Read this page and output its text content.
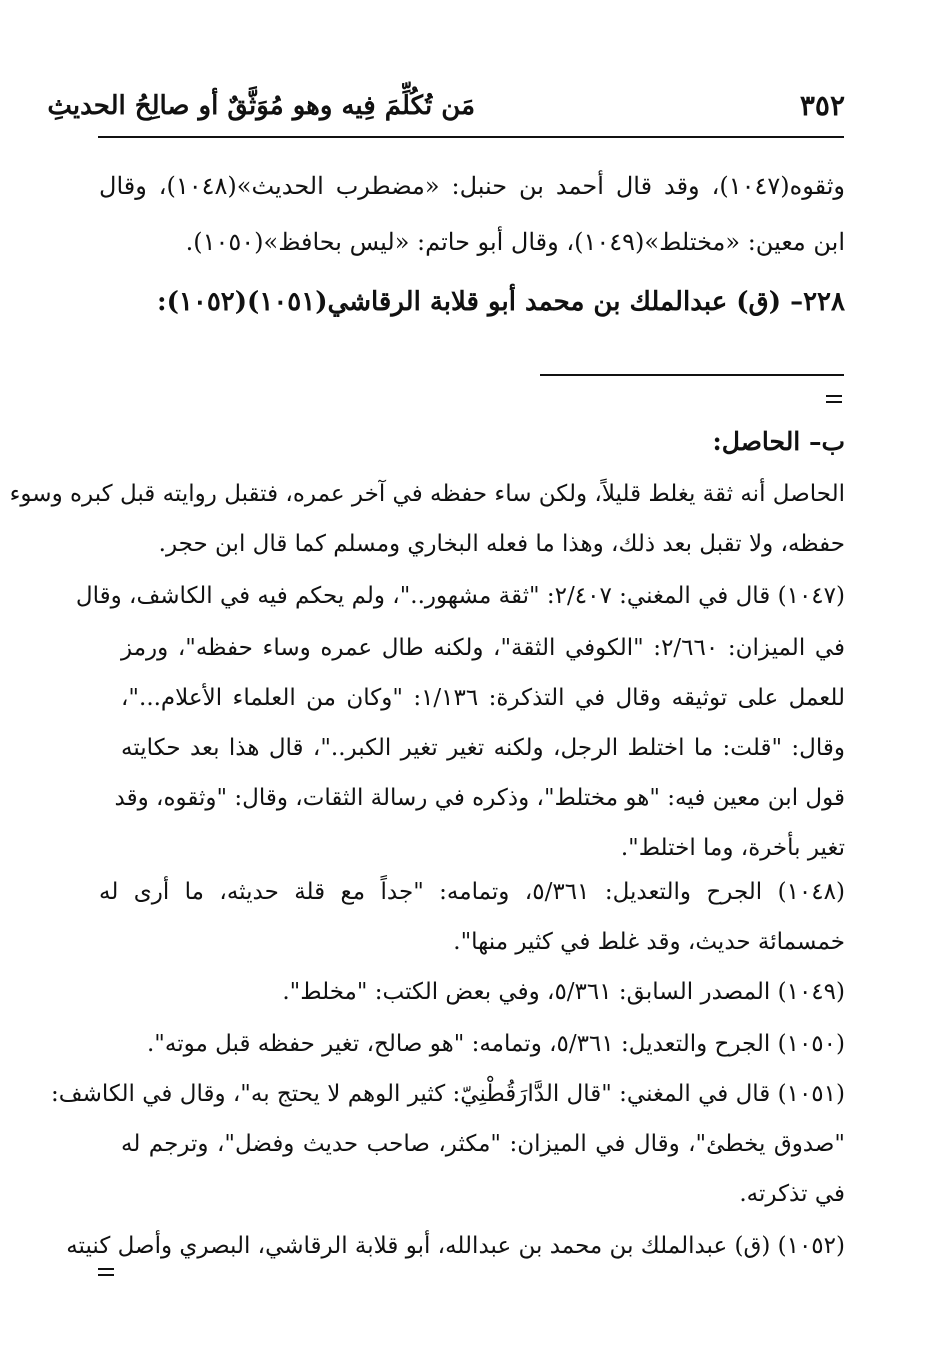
٣٥٢
مَن تُكُلِّمَ فِيه وهو مُوَثَّقٌ أو صالِحُ الحديثِ
وثقوه(١٠٤٧)، وقد قال أحمد بن حنبل: «مضطرب الحديث»(١٠٤٨)، وقال
ابن معين: «مختلط»(١٠٤٩)، وقال أبو حاتم: «ليس بحافظ»(١٠٥٠).
٢٢٨– (ق) عبدالملك بن محمد أبو قلابة الرقاشي(١٠٥١)(١٠٥٢):
ب– الحاصل:
الحاصل أنه ثقة يغلط قليلاً، ولكن ساء حفظه في آخر عمره، فتقبل روايته قبل كبره وسوء
حفظه، ولا تقبل بعد ذلك، وهذا ما فعله البخاري ومسلم كما قال ابن حجر.
(١٠٤٧) قال في المغني: ٢/٤٠٧: "ثقة مشهور.."، ولم يحكم فيه في الكاشف، وقال
في الميزان: ٢/٦٦٠: "الكوفي الثقة"، ولكنه طال عمره وساء حفظه"، ورمز
للعمل على توثيقه وقال في التذكرة: ١/١٣٦: "وكان من العلماء الأعلام..."،
وقال: "قلت: ما اختلط الرجل، ولكنه تغير تغير الكبر.."، قال هذا بعد حكايته
قول ابن معين فيه: "هو مختلط"، وذكره في رسالة الثقات، وقال: "وثقوه، وقد
تغير بأخرة، وما اختلط".
(١٠٤٨) الجرح والتعديل: ٥/٣٦١، وتمامه: "جداً مع قلة حديثه، ما أرى له
خمسمائة حديث، وقد غلط في كثير منها".
(١٠٤٩) المصدر السابق: ٥/٣٦١، وفي بعض الكتب: "مخلط".
(١٠٥٠) الجرح والتعديل: ٥/٣٦١، وتمامه: "هو صالح، تغير حفظه قبل موته".
(١٠٥١) قال في المغني: "قال الدَّارَقُطْنِيّ: كثير الوهم لا يحتج به"، وقال في الكاشف:
"صدوق يخطئ"، وقال في الميزان: "مكثر، صاحب حديث وفضل"، وترجم له
في تذكرته.
(١٠٥٢) (ق) عبدالملك بن محمد بن عبدالله، أبو قلابة الرقاشي، البصري وأصل كنيته
